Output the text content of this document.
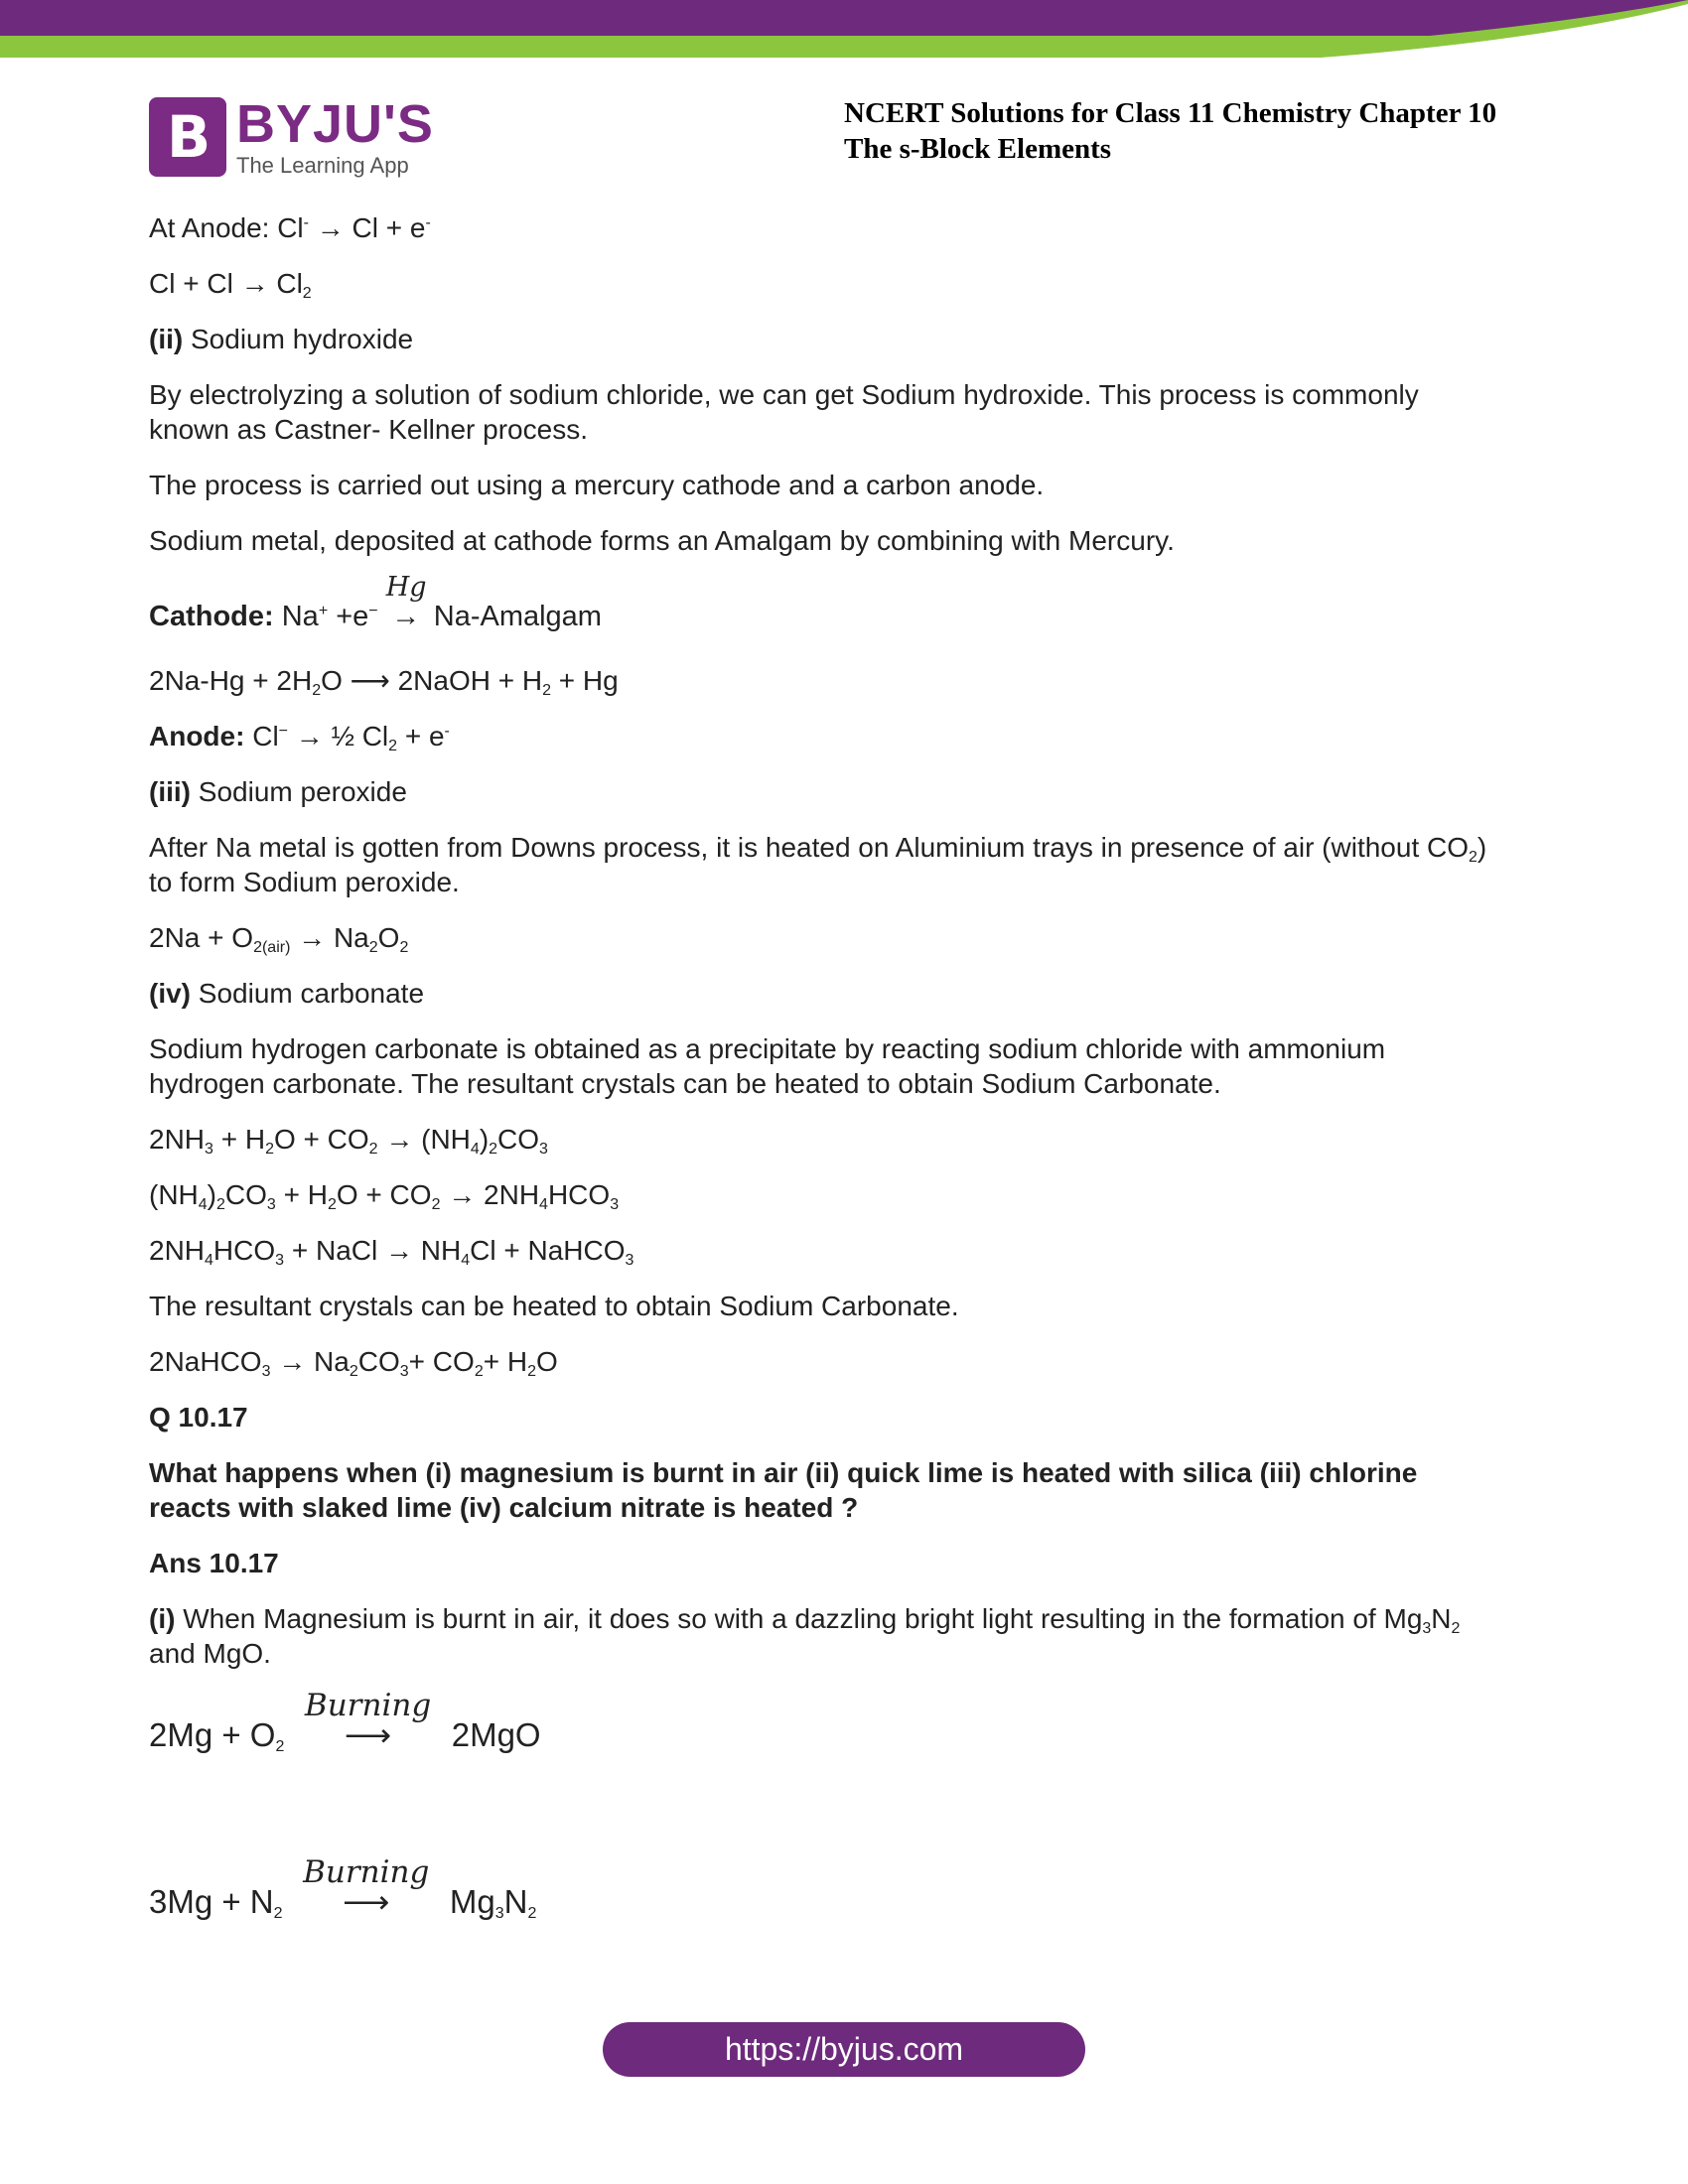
B BYJU'S
The Learning App
NCERT Solutions for Class 11 Chemistry Chapter 10
The s-Block Elements
At Anode: Cl- → Cl + e-
$Cl + Cl \to Cl_2$
(ii) Sodium hydroxide
By electrolyzing a solution of sodium chloride, we can get Sodium hydroxide. This process is commonly known as Castner- Kellner process.
The process is carried out using a mercury cathode and a carbon anode.
Sodium metal, deposited at cathode forms an Amalgam by combining with Mercury.
Cathode: Na+ +e−
Hg
→ Na-Amalgam
$2Na-Hg + 2H_2O$ ⟶ 2NaOH + $H_2 + Hg$
Anode: Cl− → ½ $Cl_2 + e^-$
(iii) Sodium peroxide
After Na metal is gotten from Downs process, it is heated on Aluminium trays in presence of air (without $CO_2$) to form Sodium peroxide.
$2Na + O_{2(air)} \to Na_2O_2$
(iv) Sodium carbonate
Sodium hydrogen carbonate is obtained as a precipitate by reacting sodium chloride with ammonium hydrogen carbonate. The resultant crystals can be heated to obtain Sodium Carbonate.
$2NH_3 + H_2O + CO_2 \to (NH_4)_2CO_3$
$(NH_4)_2CO_3 + H_2O + CO_2 \to 2NH_4HCO_3$
$2NH_4HCO_3$ + NaCl → $NH_4Cl$ + NaHCO$_3$
The resultant crystals can be heated to obtain Sodium Carbonate.
2NaHCO$_3$ → $Na_2CO_3+ CO_2+ H_2O$
Q 10.17
What happens when (i) magnesium is burnt in air (ii) quick lime is heated with silica (iii) chlorine reacts with slaked lime (iv) calcium nitrate is heated ?
Ans 10.17
(i) When Magnesium is burnt in air, it does so with a dazzling bright light resulting in the formation of $Mg_3N_2$ and MgO.
$2Mg + O_2$
Burning
⟶ 2MgO
$3Mg + N_2$
Burning
⟶ $Mg_3N_2$
https://byjus.com
